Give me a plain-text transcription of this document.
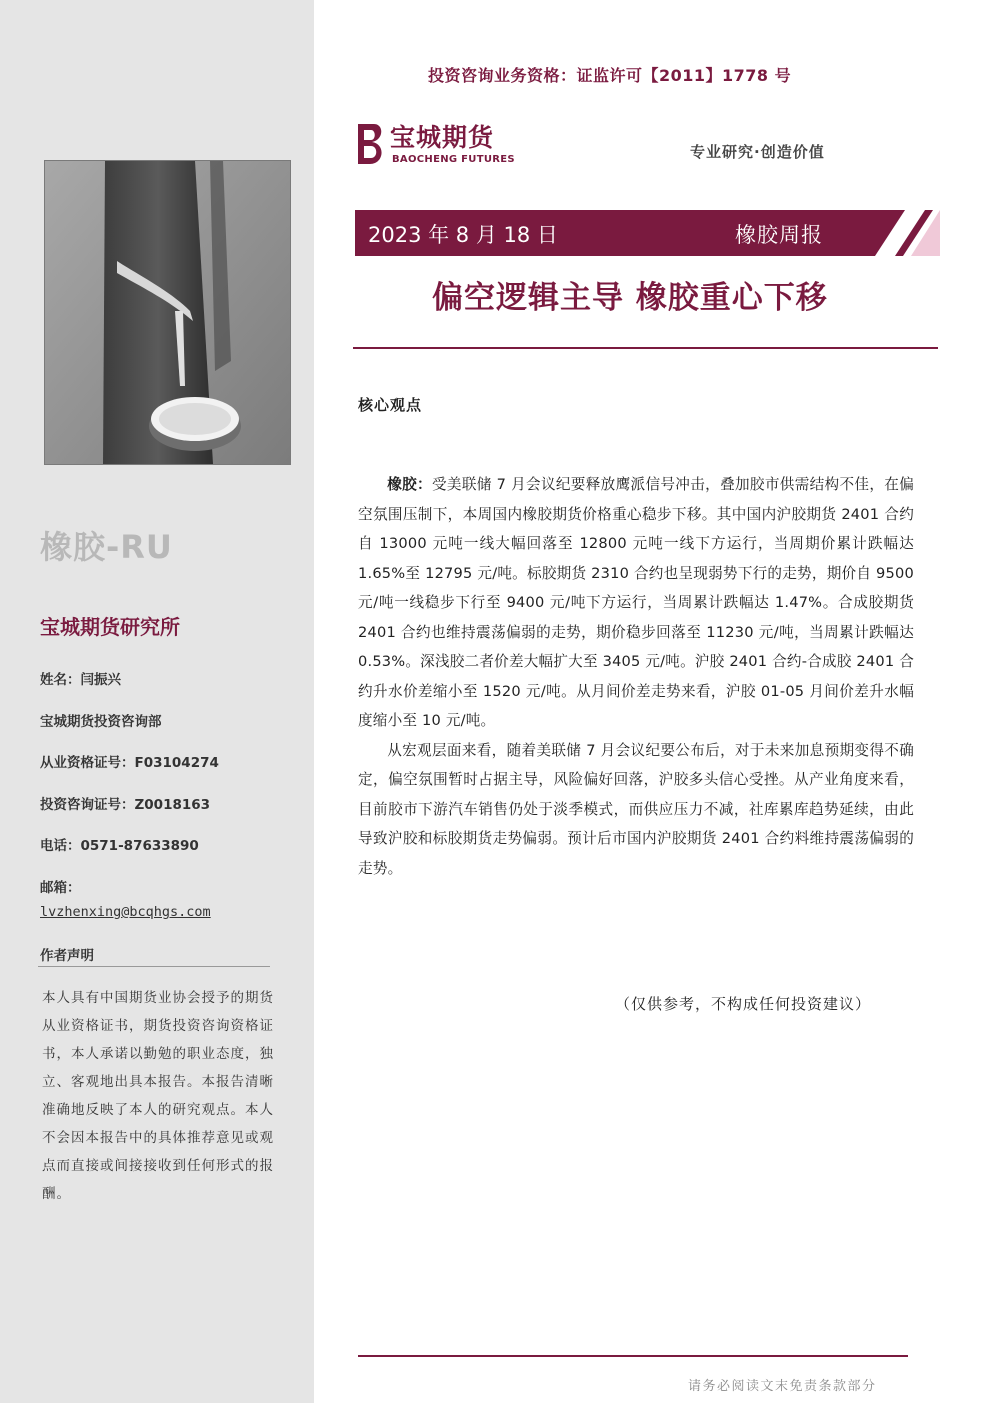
橡胶-RU
宝城期货研究所
姓名：闫振兴
宝城期货投资咨询部
从业资格证号：F03104274
投资咨询证号：Z0018163
电话：0571-87633890
邮箱：
lvzhenxing@bcqhgs.com
作者声明
本人具有中国期货业协会授予的期货从业资格证书，期货投资咨询资格证书，本人承诺以勤勉的职业态度，独立、客观地出具本报告。本报告清晰准确地反映了本人的研究观点。本人不会因本报告中的具体推荐意见或观点而直接或间接接收到任何形式的报酬。
投资咨询业务资格：证监许可【2011】1778 号
宝城期货
BAOCHENG FUTURES	专业研究·创造价值
2023 年 8 月 18 日	橡胶周报
偏空逻辑主导 橡胶重心下移
核心观点

橡胶：受美联储 7 月会议纪要释放鹰派信号冲击，叠加胶市供需结构不佳，在偏空氛围压制下，本周国内橡胶期货价格重心稳步下移。其中国内沪胶期货 2401 合约自 13000 元吨一线大幅回落至 12800 元吨一线下方运行，当周期价累计跌幅达 1.65%至 12795 元/吨。标胶期货 2310 合约也呈现弱势下行的走势，期价自 9500 元/吨一线稳步下行至 9400 元/吨下方运行，当周累计跌幅达 1.47%。合成胶期货 2401 合约也维持震荡偏弱的走势，期价稳步回落至 11230 元/吨，当周累计跌幅达 0.53%。深浅胶二者价差大幅扩大至 3405 元/吨。沪胶 2401 合约-合成胶 2401 合约升水价差缩小至 1520 元/吨。从月间价差走势来看，沪胶 01-05 月间价差升水幅度缩小至 10 元/吨。

从宏观层面来看，随着美联储 7 月会议纪要公布后，对于未来加息预期变得不确定，偏空氛围暂时占据主导，风险偏好回落，沪胶多头信心受挫。从产业角度来看，目前胶市下游汽车销售仍处于淡季模式，而供应压力不减，社库累库趋势延续，由此导致沪胶和标胶期货走势偏弱。预计后市国内沪胶期货 2401 合约料维持震荡偏弱的走势。

（仅供参考，不构成任何投资建议）
请务必阅读文末免责条款部分
